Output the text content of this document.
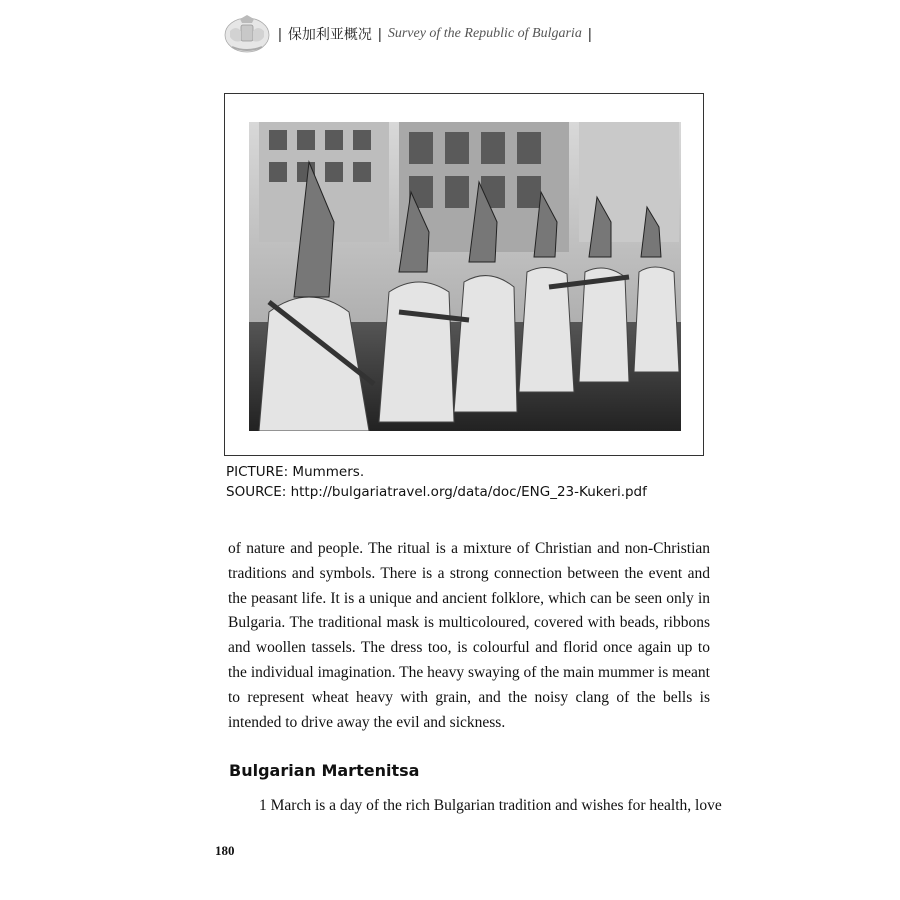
| 保加利亚概况 | Survey of the Republic of Bulgaria |
PICTURE: Mummers.
SOURCE: http://bulgariatravel.org/data/doc/ENG_23-Kukeri.pdf
of nature and people. The ritual is a mixture of Christian and non-Christian traditions and symbols. There is a strong connection between the event and the peasant life. It is a unique and ancient folklore, which can be seen only in Bulgaria. The traditional mask is multicoloured, covered with beads, ribbons and woollen tassels. The dress too, is colourful and florid once again up to the individual imagination. The heavy swaying of the main mummer is meant to represent wheat heavy with grain, and the noisy clang of the bells is intended to drive away the evil and sickness.
Bulgarian Martenitsa
1 March is a day of the rich Bulgarian tradition and wishes for health, love
180
